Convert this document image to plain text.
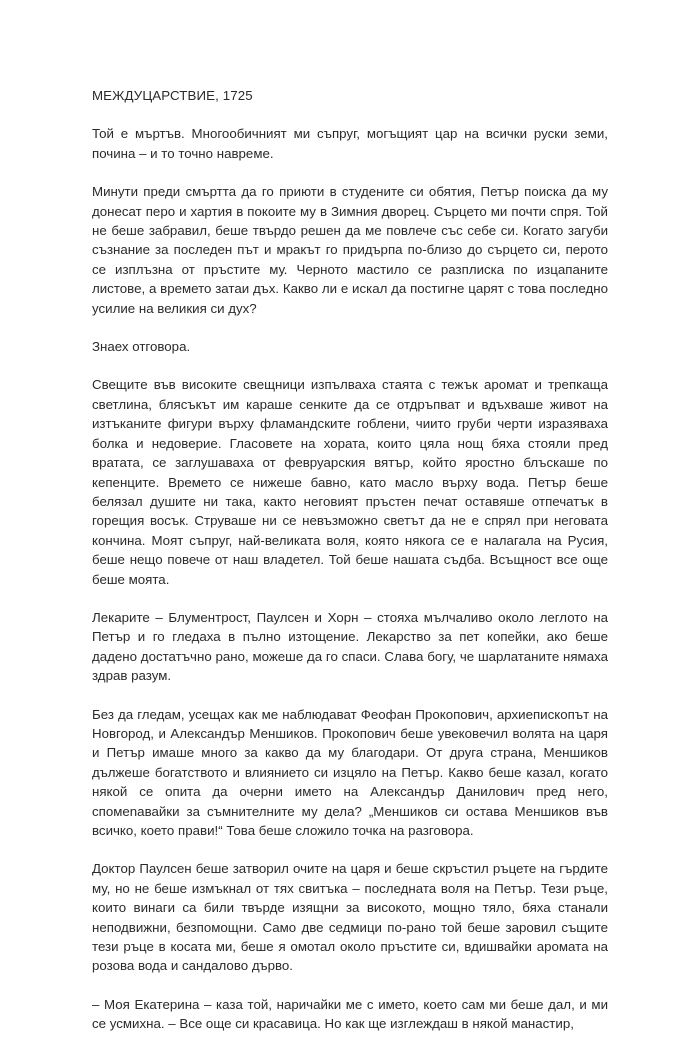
МЕЖДУЦАРСТВИЕ, 1725

Той е мъртъв. Многообичният ми съпруг, могъщият цар на всички руски земи, почина – и то точно навреме.

Минути преди смъртта да го приюти в студените си обятия, Петър поиска да му донесат перо и хартия в покоите му в Зимния дворец. Сърцето ми почти спря. Той не беше забравил, беше твърдо решен да ме повлече със себе си. Когато загуби съзнание за последен път и мракът го придърпа по-близо до сърцето си, перото се изплъзна от пръстите му. Черното мастило се разплиска по изцапаните листове, а времето затаи дъх. Какво ли е искал да постигне царят с това последно усилие на великия си дух?

Знаех отговора.

Свещите във високите свещници изпълваха стаята с тежък аромат и трепкаща светлина, блясъкът им караше сенките да се отдръпват и вдъхваше живот на изтъканите фигури върху фламандските гоблени, чиито груби черти изразяваха болка и недоверие. Гласовете на хората, които цяла нощ бяха стояли пред вратата, се заглушаваха от февруарския вятър, който яростно блъскаше по кепенците. Времето се нижеше бавно, като масло върху вода. Петър беше белязал душите ни така, както неговият пръстен печат оставяше отпечатък в горещия восък. Струваше ни се невъзможно светът да не е спрял при неговата кончина. Моят съпруг, най-великата воля, която някога се е налагала на Русия, беше нещо повече от наш владетел. Той беше нашата съдба. Всъщност все още беше моята.

Лекарите – Блументрост, Паулсен и Хорн – стояха мълчаливо около леглото на Петър и го гледаха в пълно изтощение. Лекарство за пет копейки, ако беше дадено достатъчно рано, можеше да го спаси. Слава богу, че шарлатаните нямаха здрав разум.

Без да гледам, усещах как ме наблюдават Феофан Прокопович, архиепископът на Новгород, и Александър Меншиков. Прокопович беше увековечил волята на царя и Петър имаше много за какво да му благодари. От друга страна, Меншиков дължеше богатството и влиянието си изцяло на Петър. Какво беше казал, когато някой се опита да очерни името на Александър Данилович пред него, спомenaвайки за съмнителните му дела? „Меншиков си остава Меншиков във всичко, което прави!“ Това беше сложило точка на разговора.

Доктор Паулсен беше затворил очите на царя и беше скръстил ръцете на гърдите му, но не беше измъкнал от тях свитъка – последната воля на Петър. Тези ръце, които винаги са били твърде изящни за високото, мощно тяло, бяха станали неподвижни, безпомощни. Само две седмици по-рано той беше заровил същите тези ръце в косата ми, беше я омотал около пръстите си, вдишвайки аромата на розова вода и сандалово дърво.

– Моя Екатерина – каза той, наричайки ме с името, което сам ми беше дал, и ми се усмихна. – Все още си красавица. Но как ще изглеждаш в някой манастир,
